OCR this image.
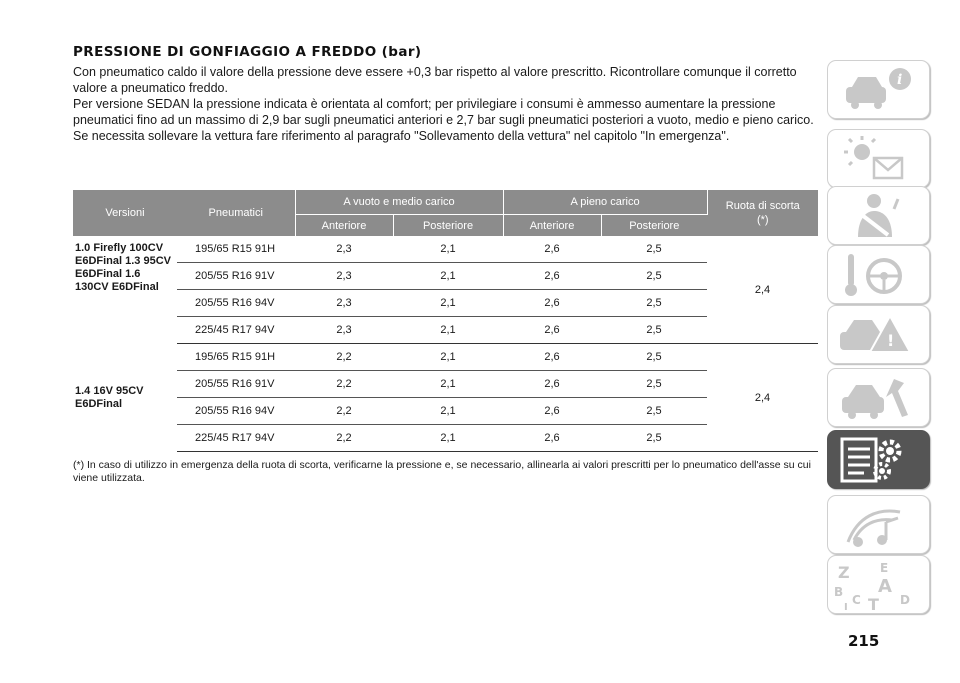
PRESSIONE DI GONFIAGGIO A FREDDO (bar)

Con pneumatico caldo il valore della pressione deve essere +0,3 bar rispetto al valore prescritto. Ricontrollare comunque il corretto valore a pneumatico freddo.

Per versione SEDAN la pressione indicata è orientata al comfort; per privilegiare i consumi è ammesso aumentare la pressione pneumatici fino ad un massimo di 2,9 bar sugli pneumatici anteriori e 2,7 bar sugli pneumatici posteriori a vuoto, medio e pieno carico.

Se necessita sollevare la vettura fare riferimento al paragrafo "Sollevamento della vettura" nel capitolo "In emergenza".

Versioni	Pneumatici	A vuoto e medio carico		A pieno carico		Ruota di scorta (*)
		Anteriore	Posteriore	Anteriore	Posteriore	
1.0 Firefly 100CV E6DFinal 1.3 95CV E6DFinal 1.6 130CV E6DFinal	195/65 R15 91H	2,3	2,1	2,6	2,5	2,4
	205/55 R16 91V	2,3	2,1	2,6	2,5	
	205/55 R16 94V	2,3	2,1	2,6	2,5	
	225/45 R17 94V	2,3	2,1	2,6	2,5	
1.4 16V 95CV E6DFinal	195/65 R15 91H	2,2	2,1	2,6	2,5	2,4
	205/55 R16 91V	2,2	2,1	2,6	2,5	
	205/55 R16 94V	2,2	2,1	2,6	2,5	
	225/45 R17 94V	2,2	2,1	2,6	2,5	
(*) In caso di utilizzo in emergenza della ruota di scorta, verificarne la pressione e, se necessario, allinearla ai valori prescritti per lo pneumatico dell'asse su cui viene utilizzata.
i
!
Z	E
A
B
C	D
T
I
215
